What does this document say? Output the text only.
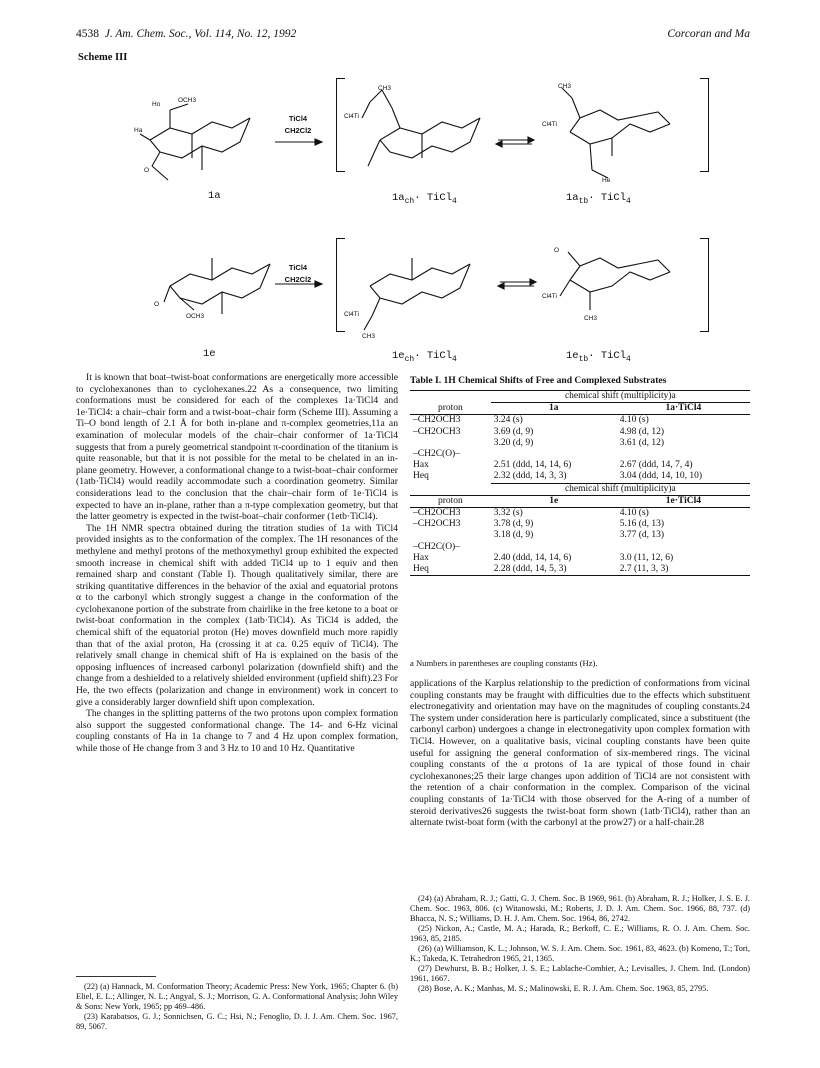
4538 J. Am. Chem. Soc., Vol. 114, No. 12, 1992	Corcoran and Ma
Scheme III
Ho
OCH3
Ha
O
CH3
Cl4Ti
CH3
Cl4Ti
He
TiCl4
CH2Cl2
1a	$1a_{ch}\cdot$ TiCl$_4$	$1a_{tb}\cdot$ TiCl$_4$
OCH3
O
Cl4Ti
CH3
O
Cl4Ti
CH3
TiCl4
CH2Cl2
1e	$1e_{ch}\cdot$ TiCl$_4$	$1e_{tb}\cdot$ TiCl$_4$

It is known that boat–twist-boat conformations are energetically more accessible to cyclohexanones than to cyclohexanes.22 As a consequence, two limiting conformations must be considered for each of the complexes 1a·TiCl4 and 1e·TiCl4: a chair–chair form and a twist-boat–chair form (Scheme III). Assuming a Ti–O bond length of 2.1 Å for both in-plane and π-complex geometries,11a an examination of molecular models of the chair–chair conformer of 1a·TiCl4 suggests that from a purely geometrical standpoint π-coordination of the titanium is quite reasonable, but that it is not possible for the metal to be chelated in an in-plane geometry. However, a conformational change to a twist-boat–chair conformer (1atb·TiCl4) would readily accommodate such a coordination geometry. Similar considerations lead to the conclusion that the chair–chair form of 1e·TiCl4 is expected to have an in-plane, rather than a π-type complexation geometry, but that the latter geometry is expected in the twist-boat–chair conformer (1etb·TiCl4).

The 1H NMR spectra obtained during the titration studies of 1a with TiCl4 provided insights as to the conformation of the complex. The 1H resonances of the methylene and methyl protons of the methoxymethyl group exhibited the expected smooth increase in chemical shift with added TiCl4 up to 1 equiv and then remained sharp and constant (Table I). Though qualitatively similar, there are striking quantitative differences in the behavior of the axial and equatorial protons α to the carbonyl which strongly suggest a change in the conformation of the cyclohexanone portion of the substrate from chairlike in the free ketone to a boat or twist-boat conformation in the complex (1atb·TiCl4). As TiCl4 is added, the chemical shift of the equatorial proton (He) moves downfield much more rapidly than that of the axial proton, Ha (crossing it at ca. 0.25 equiv of TiCl4). The relatively small change in chemical shift of Ha is explained on the basis of the opposing influences of increased carbonyl polarization (downfield shift) and the change from a deshielded to a relatively shielded environment (upfield shift).23 For He, the two effects (polarization and change in environment) work in concert to give a considerably larger downfield shift upon complexation.

The changes in the splitting patterns of the two protons upon complex formation also support the suggested conformational change. The 14- and 6-Hz vicinal coupling constants of Ha in 1a change to 7 and 4 Hz upon complex formation, while those of He change from 3 and 3 Hz to 10 and 10 Hz. Quantitative

(22) (a) Hannack, M. Conformation Theory; Academic Press: New York, 1965; Chapter 6. (b) Eliel, E. L.; Allinger, N. L.; Angyal, S. J.; Morrison, G. A. Conformational Analysis; John Wiley & Sons: New York, 1965; pp 469–486.

(23) Karabatsos, G. J.; Sonnichsen, G. C.; Hsi, N.; Fenoglio, D. J. J. Am. Chem. Soc. 1967, 89, 5067.

Table I. 1H Chemical Shifts of Free and Complexed Substrates
	chemical shift (multiplicity)a	
proton	1a	1a·TiCl4
–CH2OCH3	3.24 (s)	4.10 (s)
–CH2OCH3	3.69 (d, 9)	4.98 (d, 12)
	3.20 (d, 9)	3.61 (d, 12)
–CH2C(O)–		
Hax	2.51 (ddd, 14, 14, 6)	2.67 (ddd, 14, 7, 4)
Heq	2.32 (ddd, 14, 3, 3)	3.04 (ddd, 14, 10, 10)
	chemical shift (multiplicity)a	
proton	1e	1e·TiCl4
–CH2OCH3	3.32 (s)	4.10 (s)
–CH2OCH3	3.78 (d, 9)	5.16 (d, 13)
	3.18 (d, 9)	3.77 (d, 13)
–CH2C(O)–		
Hax	2.40 (ddd, 14, 14, 6)	3.0 (11, 12, 6)
Heq	2.28 (ddd, 14, 5, 3)	2.7 (11, 3, 3)
a Numbers in parentheses are coupling constants (Hz).

applications of the Karplus relationship to the prediction of conformations from vicinal coupling constants may be fraught with difficulties due to the effects which substituent electronegativity and orientation may have on the magnitudes of coupling constants.24 The system under consideration here is particularly complicated, since a substituent (the carbonyl carbon) undergoes a change in electronegativity upon complex formation with TiCl4. However, on a qualitative basis, vicinal coupling constants have been quite useful for assigning the general conformation of six-membered rings. The vicinal coupling constants of the α protons of 1a are typical of those found in chair cyclohexanones;25 their large changes upon addition of TiCl4 are not consistent with the retention of a chair conformation in the complex. Comparison of the vicinal coupling constants of 1a·TiCl4 with those observed for the A-ring of a number of steroid derivatives26 suggests the twist-boat form shown (1atb·TiCl4), rather than an alternate twist-boat form (with the carbonyl at the prow27) or a half-chair.28

(24) (a) Abraham, R. J.; Gatti, G. J. Chem. Soc. B 1969, 961. (b) Abraham, R. J.; Holker, J. S. E. J. Chem. Soc. 1963, 806. (c) Witanowski, M.; Roberts, J. D. J. Am. Chem. Soc. 1966, 88, 737. (d) Bhacca, N. S.; Williams, D. H. J. Am. Chem. Soc. 1964, 86, 2742.

(25) Nickon, A.; Castle, M. A.; Harada, R.; Berkoff, C. E.; Williams, R. O. J. Am. Chem. Soc. 1963, 85, 2185.

(26) (a) Williamson, K. L.; Johnson, W. S. J. Am. Chem. Soc. 1961, 83, 4623. (b) Komeno, T.; Tori, K.; Takeda, K. Tetrahedron 1965, 21, 1365.

(27) Dewhurst, B. B.; Holker, J. S. E.; Lablache-Combier, A.; Levisalles, J. Chem. Ind. (London) 1961, 1667.

(28) Bose, A. K.; Manhas, M. S.; Malinowski, E. R. J. Am. Chem. Soc. 1963, 85, 2795.
